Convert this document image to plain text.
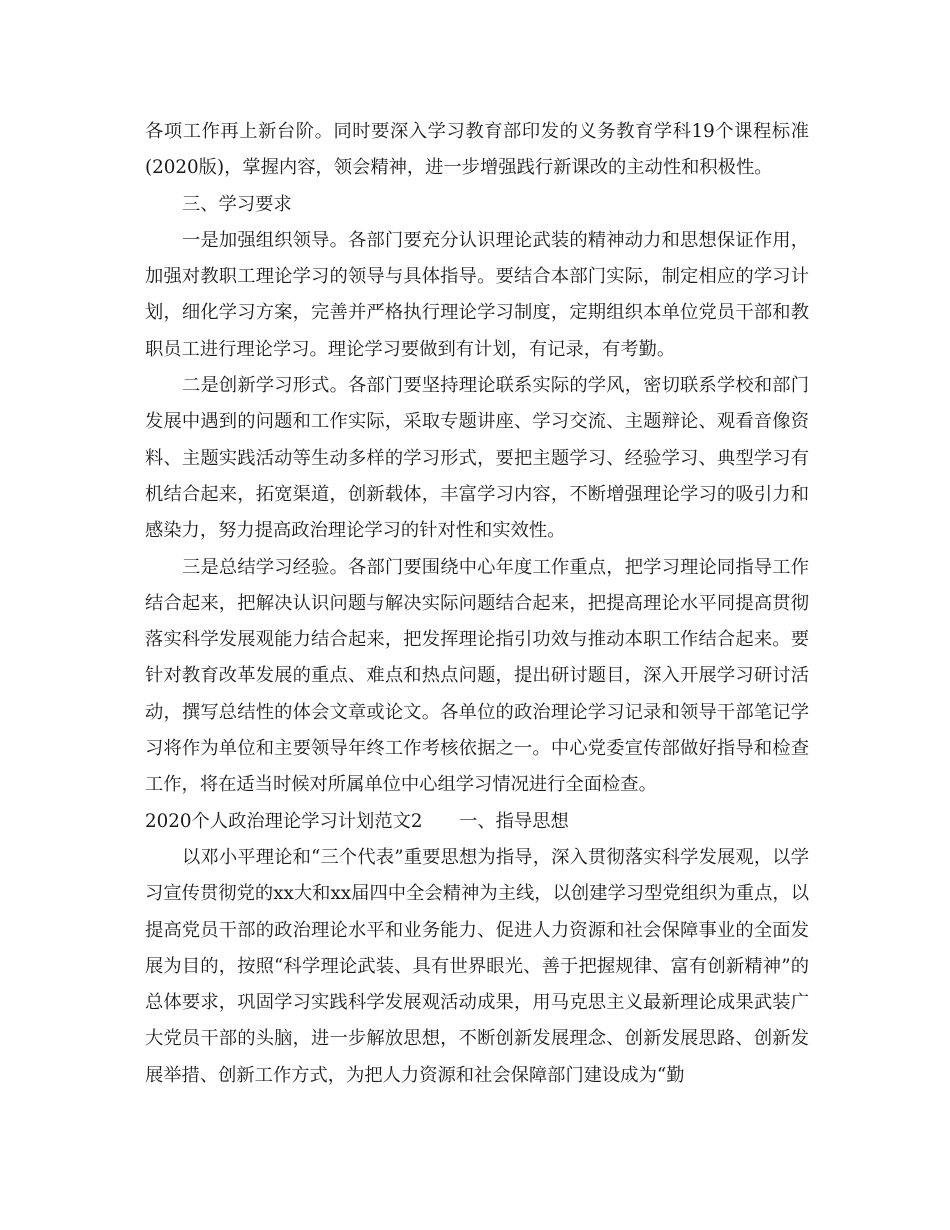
各项工作再上新台阶。同时要深入学习教育部印发的义务教育学科19个课程标准(2020版)，掌握内容，领会精神，进一步增强践行新课改的主动性和积极性。

三、学习要求

一是加强组织领导。各部门要充分认识理论武装的精神动力和思想保证作用，加强对教职工理论学习的领导与具体指导。要结合本部门实际，制定相应的学习计划，细化学习方案，完善并严格执行理论学习制度，定期组织本单位党员干部和教职员工进行理论学习。理论学习要做到有计划，有记录，有考勤。

二是创新学习形式。各部门要坚持理论联系实际的学风，密切联系学校和部门发展中遇到的问题和工作实际，采取专题讲座、学习交流、主题辩论、观看音像资料、主题实践活动等生动多样的学习形式，要把主题学习、经验学习、典型学习有机结合起来，拓宽渠道，创新载体，丰富学习内容，不断增强理论学习的吸引力和感染力，努力提高政治理论学习的针对性和实效性。

三是总结学习经验。各部门要围绕中心年度工作重点，把学习理论同指导工作结合起来，把解决认识问题与解决实际问题结合起来，把提高理论水平同提高贯彻落实科学发展观能力结合起来，把发挥理论指引功效与推动本职工作结合起来。要针对教育改革发展的重点、难点和热点问题，提出研讨题目，深入开展学习研讨活动，撰写总结性的体会文章或论文。各单位的政治理论学习记录和领导干部笔记学习将作为单位和主要领导年终工作考核依据之一。中心党委宣传部做好指导和检查工作，将在适当时候对所属单位中心组学习情况进行全面检查。

2020个人政治理论学习计划范文2　　一、指导思想

以邓小平理论和“三个代表”重要思想为指导，深入贯彻落实科学发展观，以学习宣传贯彻党的xx大和xx届四中全会精神为主线，以创建学习型党组织为重点，以提高党员干部的政治理论水平和业务能力、促进人力资源和社会保障事业的全面发展为目的，按照“科学理论武装、具有世界眼光、善于把握规律、富有创新精神”的总体要求，巩固学习实践科学发展观活动成果，用马克思主义最新理论成果武装广大党员干部的头脑，进一步解放思想，不断创新发展理念、创新发展思路、创新发展举措、创新工作方式，为把人力资源和社会保障部门建设成为“勤
